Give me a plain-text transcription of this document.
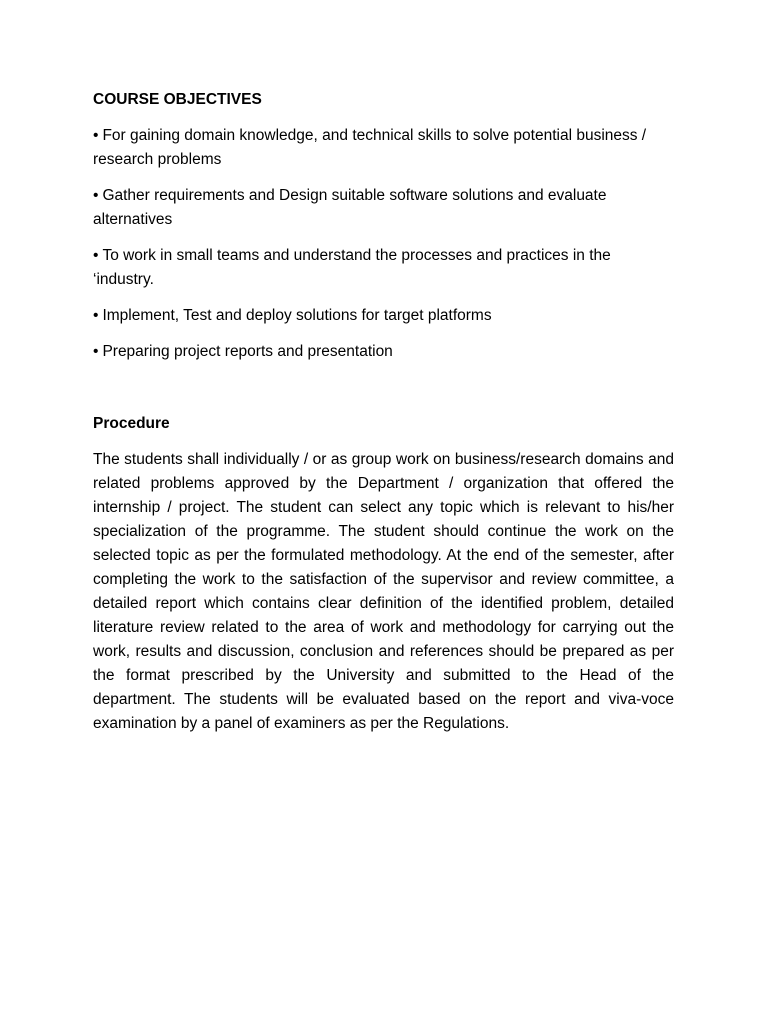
COURSE OBJECTIVES
• For gaining domain knowledge, and technical skills to solve potential business / research problems
• Gather requirements and Design suitable software solutions and evaluate alternatives
• To work in small teams and understand the processes and practices in the ‘industry.
• Implement, Test and deploy solutions for target platforms
• Preparing project reports and presentation
Procedure

The students shall individually / or as group work on business/research domains and related problems approved by the Department / organization that offered the internship / project. The student can select any topic which is relevant to his/her specialization of the programme. The student should continue the work on the selected topic as per the formulated methodology. At the end of the semester, after completing the work to the satisfaction of the supervisor and review committee, a detailed report which contains clear definition of the identified problem, detailed literature review related to the area of work and methodology for carrying out the work, results and discussion, conclusion and references should be prepared as per the format prescribed by the University and submitted to the Head of the department. The students will be evaluated based on the report and viva-voce examination by a panel of examiners as per the Regulations.
